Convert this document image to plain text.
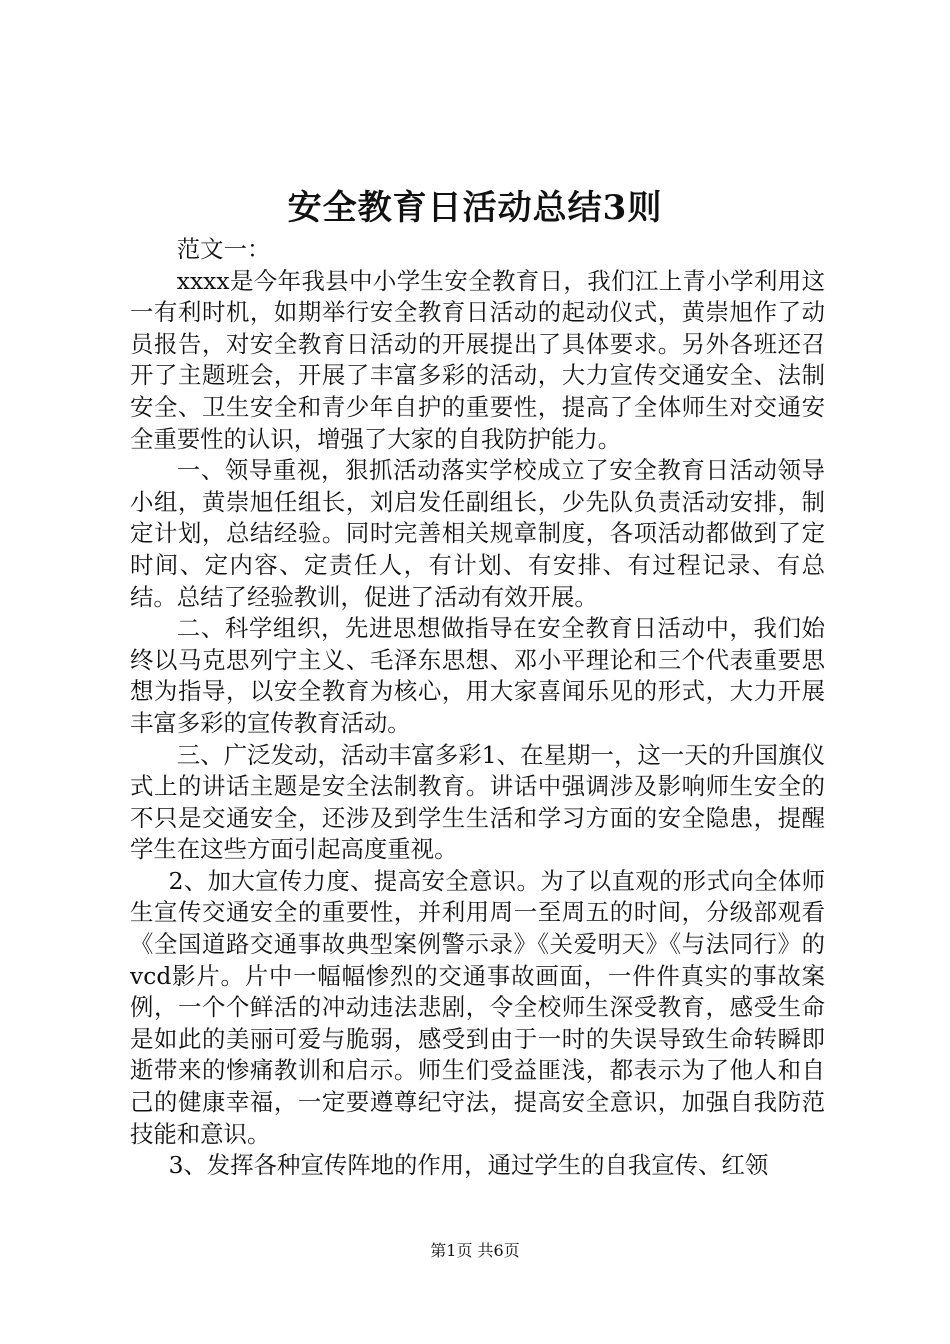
安全教育日活动总结3则

范文一：

xxxx是今年我县中小学生安全教育日，我们江上青小学利用这一有利时机，如期举行安全教育日活动的起动仪式，黄崇旭作了动员报告，对安全教育日活动的开展提出了具体要求。另外各班还召开了主题班会，开展了丰富多彩的活动，大力宣传交通安全、法制安全、卫生安全和青少年自护的重要性，提高了全体师生对交通安全重要性的认识，增强了大家的自我防护能力。

一、领导重视，狠抓活动落实学校成立了安全教育日活动领导小组，黄崇旭任组长，刘启发任副组长，少先队负责活动安排，制定计划，总结经验。同时完善相关规章制度，各项活动都做到了定时间、定内容、定责任人，有计划、有安排、有过程记录、有总结。总结了经验教训，促进了活动有效开展。

二、科学组织，先进思想做指导在安全教育日活动中，我们始终以马克思列宁主义、毛泽东思想、邓小平理论和三个代表重要思想为指导，以安全教育为核心，用大家喜闻乐见的形式，大力开展丰富多彩的宣传教育活动。

三、广泛发动，活动丰富多彩1、在星期一，这一天的升国旗仪式上的讲话主题是安全法制教育。讲话中强调涉及影响师生安全的不只是交通安全，还涉及到学生生活和学习方面的安全隐患，提醒学生在这些方面引起高度重视。

2、加大宣传力度、提高安全意识。为了以直观的形式向全体师生宣传交通安全的重要性，并利用周一至周五的时间，分级部观看《全国道路交通事故典型案例警示录》《关爱明天》《与法同行》的vcd影片。片中一幅幅惨烈的交通事故画面，一件件真实的事故案例，一个个鲜活的冲动违法悲剧，令全校师生深受教育，感受生命是如此的美丽可爱与脆弱，感受到由于一时的失误导致生命转瞬即逝带来的惨痛教训和启示。师生们受益匪浅，都表示为了他人和自己的健康幸福，一定要遵尊纪守法，提高安全意识，加强自我防范技能和意识。

3、发挥各种宣传阵地的作用，通过学生的自我宣传、红领

第1页 共6页
